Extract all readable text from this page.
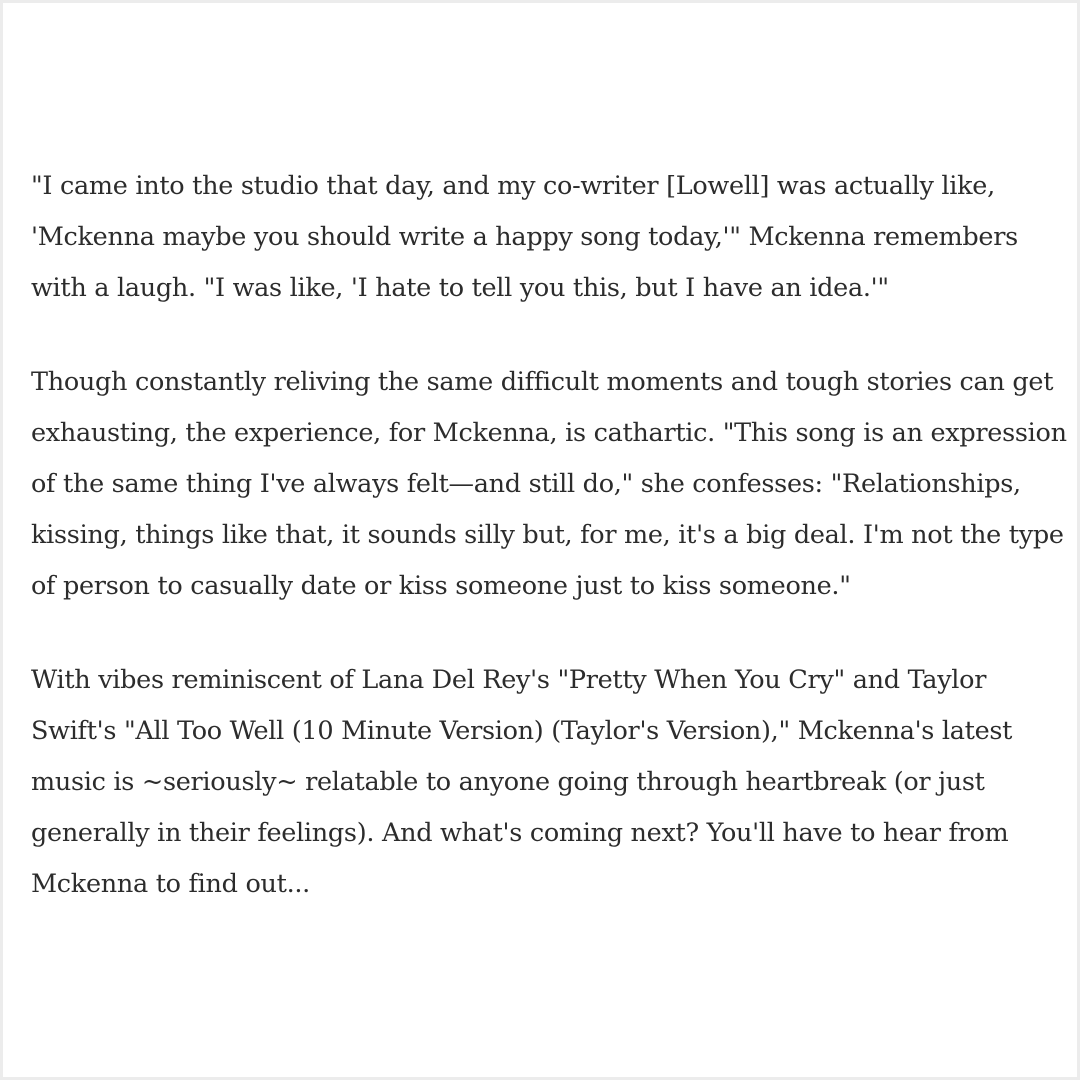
"I came into the studio that day, and my co-writer [Lowell] was actually like,
'Mckenna maybe you should write a happy song today,'" Mckenna remembers
with a laugh. "I was like, 'I hate to tell you this, but I have an idea.'"

Though constantly reliving the same difficult moments and tough stories can get
exhausting, the experience, for Mckenna, is cathartic. "This song is an expression
of the same thing I've always felt—and still do," she confesses: "Relationships,
kissing, things like that, it sounds silly but, for me, it's a big deal. I'm not the type
of person to casually date or kiss someone just to kiss someone."

With vibes reminiscent of Lana Del Rey's "Pretty When You Cry" and Taylor
Swift's "All Too Well (10 Minute Version) (Taylor's Version)," Mckenna's latest
music is ~seriously~ relatable to anyone going through heartbreak (or just
generally in their feelings). And what's coming next? You'll have to hear from
Mckenna to find out...
